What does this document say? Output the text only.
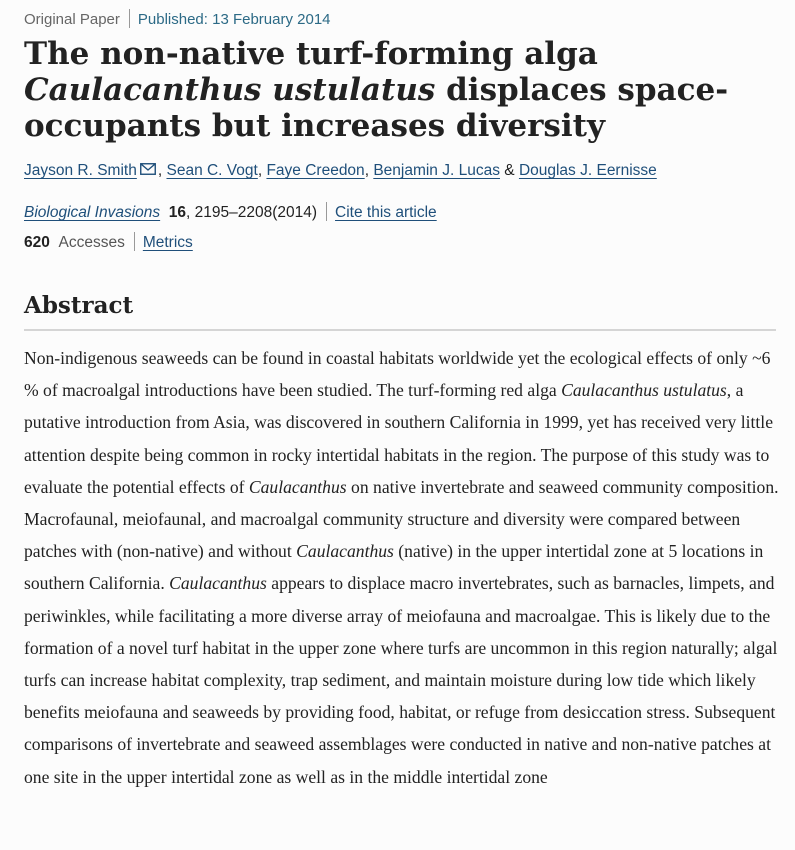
Original Paper Published: 13 February 2014
The non-native turf-forming alga Caulacanthus ustulatus displaces space-occupants but increases diversity
Jayson R. Smith , Sean C. Vogt, Faye Creedon, Benjamin J. Lucas & Douglas J. Eernisse
Biological Invasions 16, 2195–2208(2014) Cite this article
620 Accesses Metrics
Abstract

Non-indigenous seaweeds can be found in coastal habitats worldwide yet the ecological effects of only ~6 % of macroalgal introductions have been studied. The turf-forming red alga Caulacanthus ustulatus, a putative introduction from Asia, was discovered in southern California in 1999, yet has received very little attention despite being common in rocky intertidal habitats in the region. The purpose of this study was to evaluate the potential effects of Caulacanthus on native invertebrate and seaweed community composition. Macrofaunal, meiofaunal, and macroalgal community structure and diversity were compared between patches with (non-native) and without Caulacanthus (native) in the upper intertidal zone at 5 locations in southern California. Caulacanthus appears to displace macro invertebrates, such as barnacles, limpets, and periwinkles, while facilitating a more diverse array of meiofauna and macroalgae. This is likely due to the formation of a novel turf habitat in the upper zone where turfs are uncommon in this region naturally; algal turfs can increase habitat complexity, trap sediment, and maintain moisture during low tide which likely benefits meiofauna and seaweeds by providing food, habitat, or refuge from desiccation stress. Subsequent comparisons of invertebrate and seaweed assemblages were conducted in native and non-native patches at one site in the upper intertidal zone as well as in the middle intertidal zone
